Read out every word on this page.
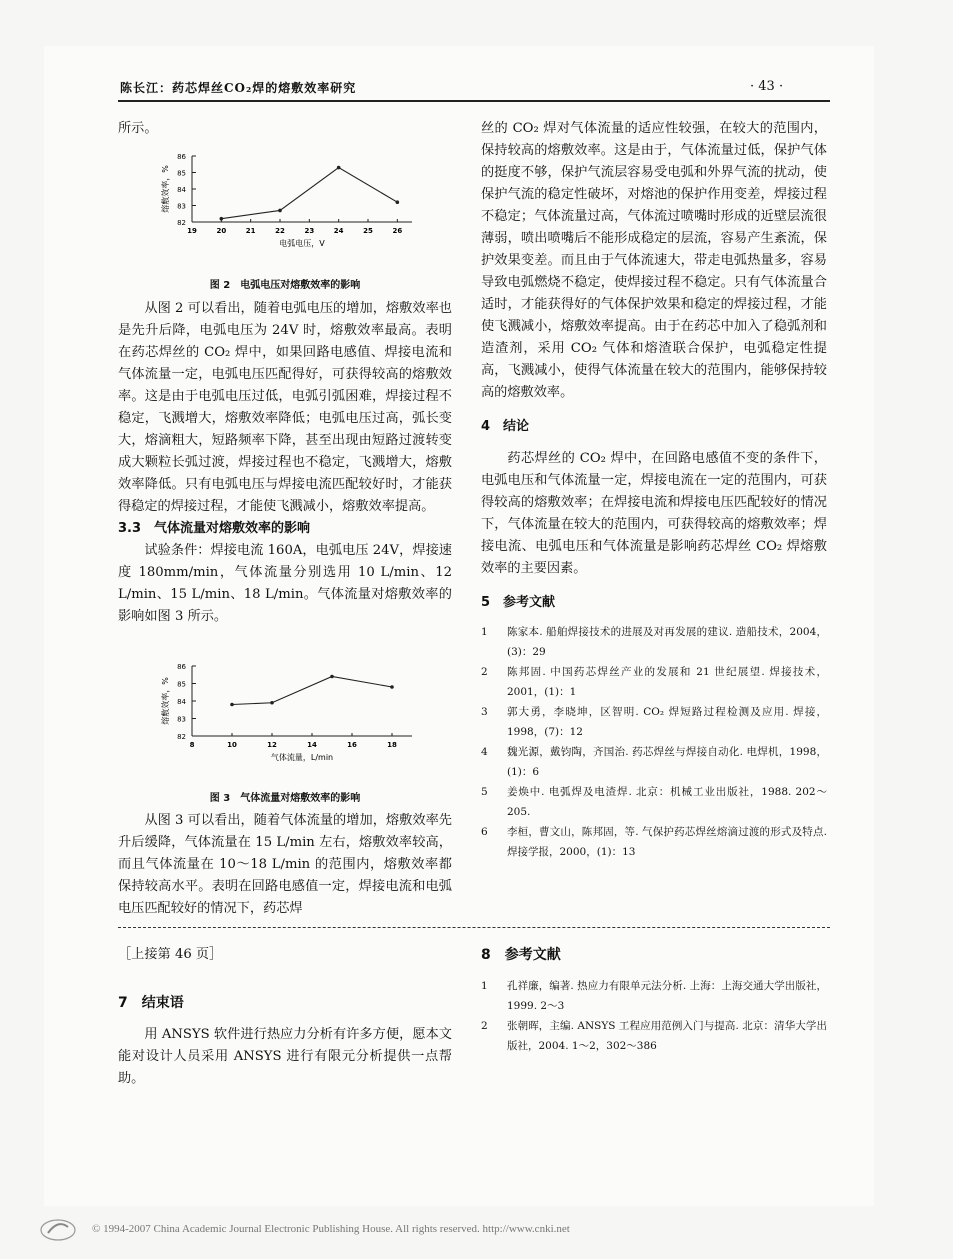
陈长江：药芯焊丝CO₂焊的熔敷效率研究	· 43 ·

所示。

82
83
84
85
86
19	20	21	22	23	24	25	26
电弧电压，V
熔敷效率，%
图 2　电弧电压对熔敷效率的影响

从图 2 可以看出，随着电弧电压的增加，熔敷效率也是先升后降，电弧电压为 24V 时，熔敷效率最高。表明在药芯焊丝的 CO₂ 焊中，如果回路电感值、焊接电流和气体流量一定，电弧电压匹配得好，可获得较高的熔敷效率。这是由于电弧电压过低，电弧引弧困难，焊接过程不稳定，飞溅增大，熔敷效率降低；电弧电压过高，弧长变大，熔滴粗大，短路频率下降，甚至出现由短路过渡转变成大颗粒长弧过渡，焊接过程也不稳定，飞溅增大，熔敷效率降低。只有电弧电压与焊接电流匹配较好时，才能获得稳定的焊接过程，才能使飞溅减小，熔敷效率提高。

3.3　气体流量对熔敷效率的影响

试验条件：焊接电流 160A，电弧电压 24V，焊接速度 180mm/min，气体流量分别选用 10 L/min、12 L/min、15 L/min、18 L/min。气体流量对熔敷效率的影响如图 3 所示。

82
83
84
85
86
8	10	12	14	16	18
气体流量，L/min
熔敷效率，%
图 3　气体流量对熔敷效率的影响

从图 3 可以看出，随着气体流量的增加，熔敷效率先升后缓降，气体流量在 15 L/min 左右，熔敷效率较高，而且气体流量在 10～18 L/min 的范围内，熔敷效率都保持较高水平。表明在回路电感值一定，焊接电流和电弧电压匹配较好的情况下，药芯焊

丝的 CO₂ 焊对气体流量的适应性较强，在较大的范围内，保持较高的熔敷效率。这是由于，气体流量过低，保护气体的挺度不够，保护气流层容易受电弧和外界气流的扰动，使保护气流的稳定性破坏，对熔池的保护作用变差，焊接过程不稳定；气体流量过高，气体流过喷嘴时形成的近壁层流很薄弱，喷出喷嘴后不能形成稳定的层流，容易产生紊流，保护效果变差。而且由于气体流速大，带走电弧热量多，容易导致电弧燃烧不稳定，使焊接过程不稳定。只有气体流量合适时，才能获得好的气体保护效果和稳定的焊接过程，才能使飞溅减小，熔敷效率提高。由于在药芯中加入了稳弧剂和造渣剂，采用 CO₂ 气体和熔渣联合保护，电弧稳定性提高，飞溅减小，使得气体流量在较大的范围内，能够保持较高的熔敷效率。

4　结论

药芯焊丝的 CO₂ 焊中，在回路电感值不变的条件下，电弧电压和气体流量一定，焊接电流在一定的范围内，可获得较高的熔敷效率；在焊接电流和焊接电压匹配较好的情况下，气体流量在较大的范围内，可获得较高的熔敷效率；焊接电流、电弧电压和气体流量是影响药芯焊丝 CO₂ 焊熔敷效率的主要因素。

5　参考文献

1 陈家本. 船舶焊接技术的进展及对再发展的建议. 造船技术，2004，(3)：29
2 陈邦固. 中国药芯焊丝产业的发展和 21 世纪展望. 焊接技术，2001，(1)：1
3 郭大勇，李晓坤，区智明. CO₂ 焊短路过程检测及应用. 焊接，1998，(7)：12
4 魏光源，戴钧陶，齐国治. 药芯焊丝与焊接自动化. 电焊机，1998，(1)：6
5 姜焕中. 电弧焊及电渣焊. 北京：机械工业出版社，1988. 202～205.
6 李桓，曹文山，陈邦固，等. 气保护药芯焊丝熔滴过渡的形式及特点. 焊接学报，2000，(1)：13

［上接第 46 页］

7　结束语

用 ANSYS 软件进行热应力分析有许多方便，愿本文能对设计人员采用 ANSYS 进行有限元分析提供一点帮助。

8　参考文献

1 孔祥廉，编著. 热应力有限单元法分析. 上海：上海交通大学出版社，1999. 2～3
2 张朝晖，主编. ANSYS 工程应用范例入门与提高. 北京：清华大学出版社，2004. 1～2，302～386
© 1994-2007 China Academic Journal Electronic Publishing House. All rights reserved. http://www.cnki.net
